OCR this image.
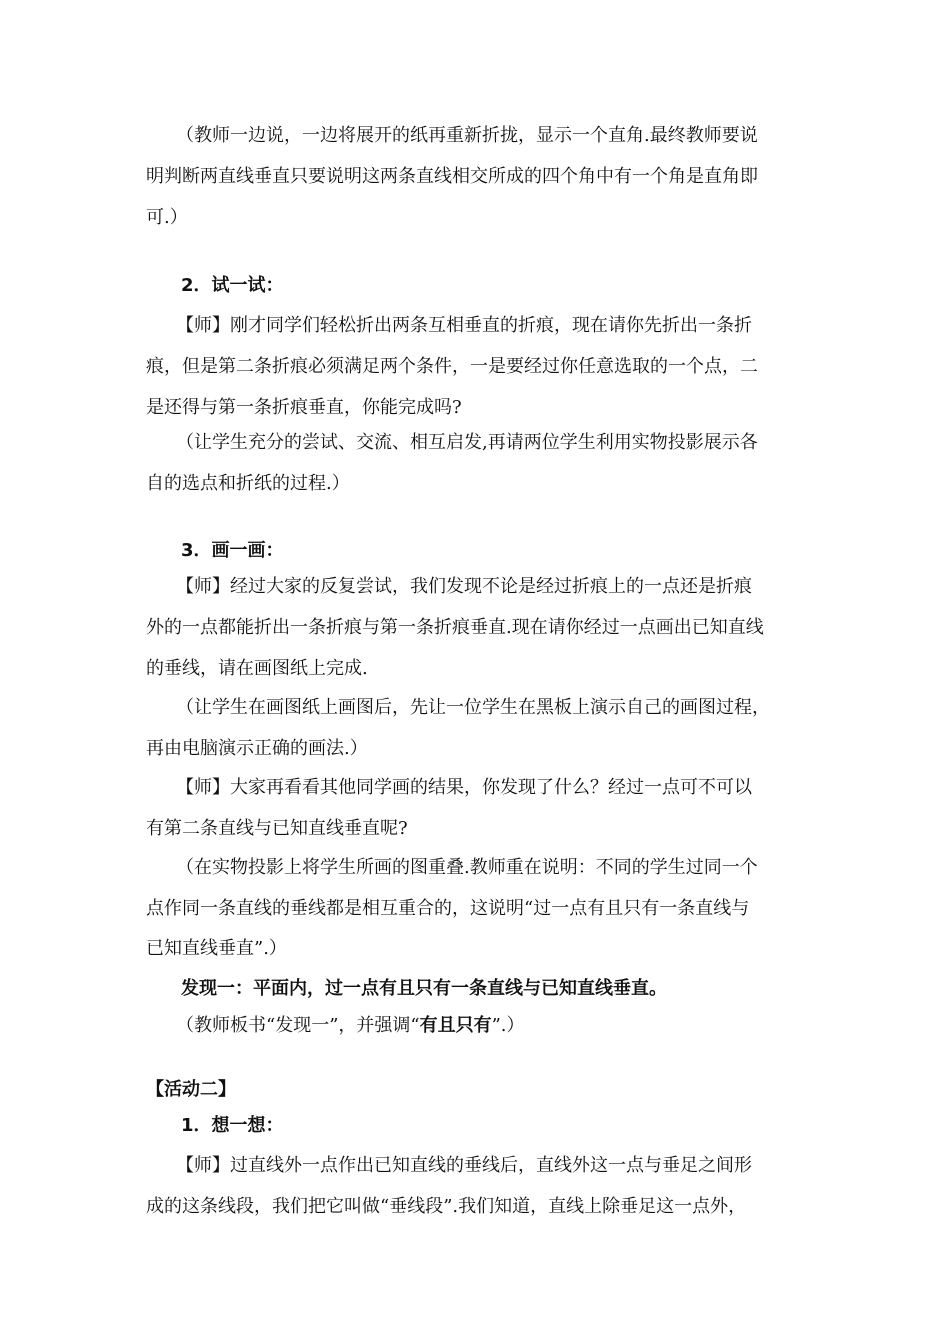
（教师一边说，一边将展开的纸再重新折拢，显示一个直角.最终教师要说
明判断两直线垂直只要说明这两条直线相交所成的四个角中有一个角是直角即
可.）
2．试一试：
【师】刚才同学们轻松折出两条互相垂直的折痕，现在请你先折出一条折
痕，但是第二条折痕必须满足两个条件，一是要经过你任意选取的一个点，二
是还得与第一条折痕垂直，你能完成吗?
（让学生充分的尝试、交流、相互启发,再请两位学生利用实物投影展示各
自的选点和折纸的过程.）
3．画一画：
【师】经过大家的反复尝试，我们发现不论是经过折痕上的一点还是折痕
外的一点都能折出一条折痕与第一条折痕垂直.现在请你经过一点画出已知直线
的垂线，请在画图纸上完成.
（让学生在画图纸上画图后，先让一位学生在黑板上演示自己的画图过程，
再由电脑演示正确的画法.）
【师】大家再看看其他同学画的结果，你发现了什么？经过一点可不可以
有第二条直线与已知直线垂直呢?
（在实物投影上将学生所画的图重叠.教师重在说明：不同的学生过同一个
点作同一条直线的垂线都是相互重合的，这说明“过一点有且只有一条直线与
已知直线垂直”.）
发现一：平面内，过一点有且只有一条直线与已知直线垂直。
（教师板书“发现一”，并强调“有且只有”.）
【活动二】
1．想一想：
【师】过直线外一点作出已知直线的垂线后，直线外这一点与垂足之间形
成的这条线段，我们把它叫做“垂线段”.我们知道，直线上除垂足这一点外，
